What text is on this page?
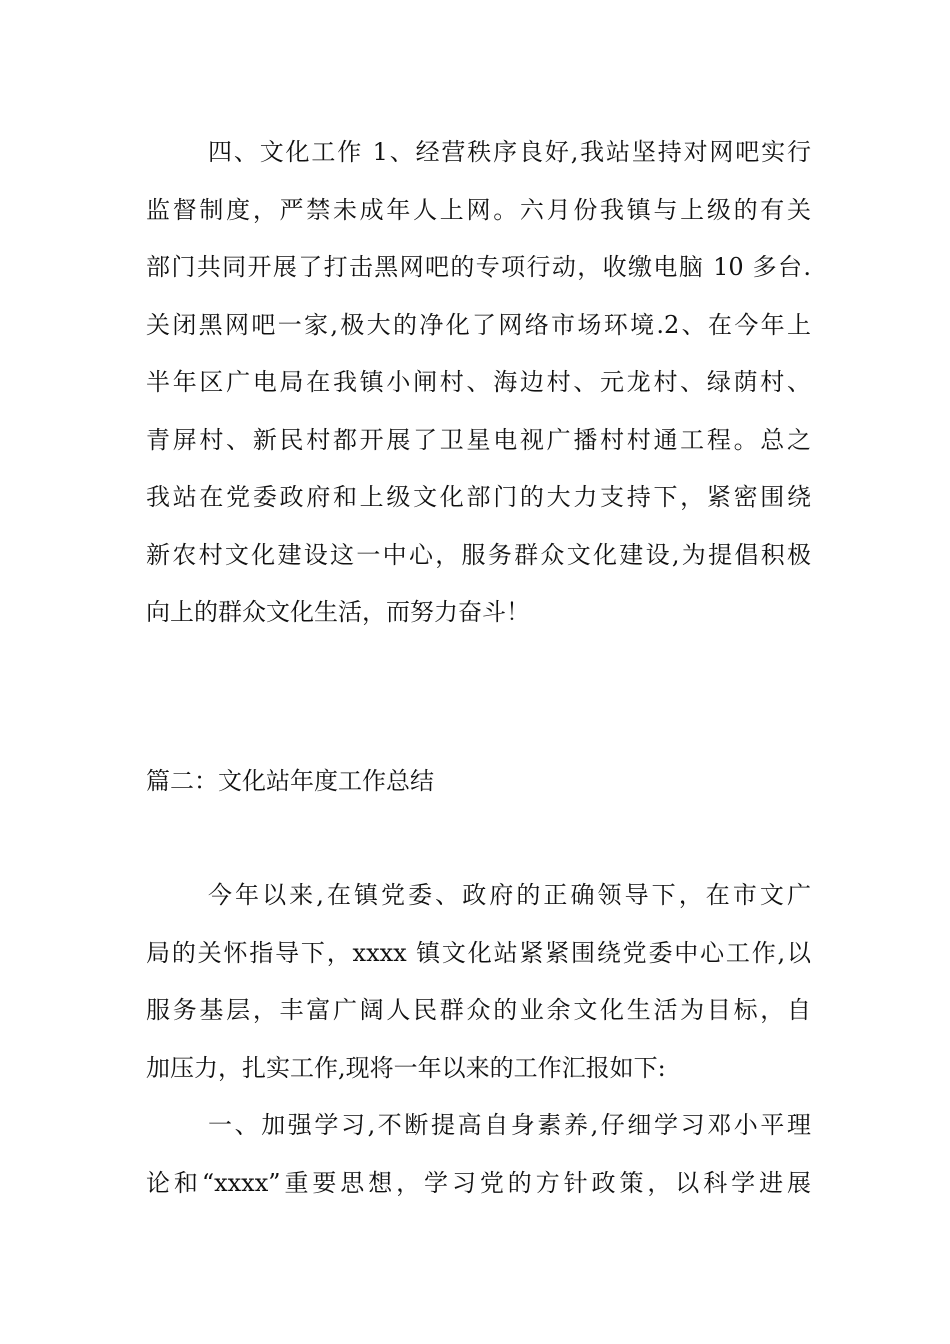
四、文化工作 1、经营秩序良好,我站坚持对网吧实行
监督制度，严禁未成年人上网。六月份我镇与上级的有关
部门共同开展了打击黑网吧的专项行动，收缴电脑 10 多台.
关闭黑网吧一家,极大的净化了网络市场环境.2、在今年上
半年区广电局在我镇小闸村、海边村、元龙村、绿荫村、
青屏村、新民村都开展了卫星电视广播村村通工程。总之
我站在党委政府和上级文化部门的大力支持下，紧密围绕
新农村文化建设这一中心，服务群众文化建设,为提倡积极
向上的群众文化生活，而努力奋斗！
篇二：文化站年度工作总结
今年以来,在镇党委、政府的正确领导下，在市文广
局的关怀指导下，xxxx 镇文化站紧紧围绕党委中心工作,以
服务基层，丰富广阔人民群众的业余文化生活为目标，自
加压力，扎实工作,现将一年以来的工作汇报如下:
一、加强学习,不断提高自身素养,仔细学习邓小平理
论和“xxxx”重要思想，学习党的方针政策，以科学进展
